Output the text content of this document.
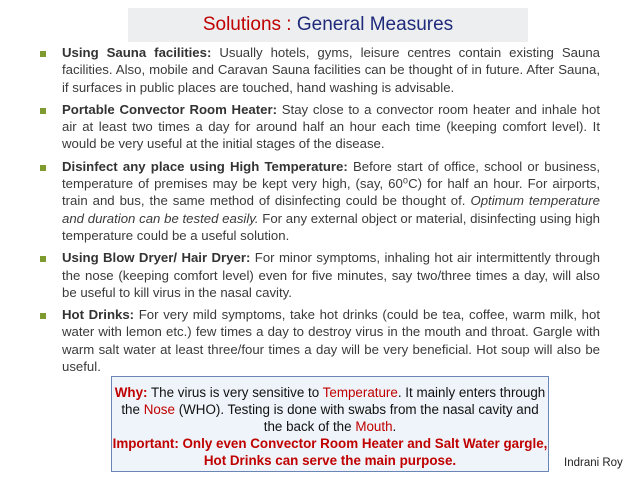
Solutions : General Measures
Using Sauna facilities: Usually hotels, gyms, leisure centres contain existing Sauna facilities. Also, mobile and Caravan Sauna facilities can be thought of in future. After Sauna, if surfaces in public places are touched, hand washing is advisable.
Portable Convector Room Heater: Stay close to a convector room heater and inhale hot air at least two times a day for around half an hour each time (keeping comfort level). It would be very useful at the initial stages of the disease.
Disinfect any place using High Temperature: Before start of office, school or business, temperature of premises may be kept very high, (say, 60⁰C) for half an hour. For airports, train and bus, the same method of disinfecting could be thought of. Optimum temperature and duration can be tested easily. For any external object or material, disinfecting using high temperature could be a useful solution.
Using Blow Dryer/ Hair Dryer: For minor symptoms, inhaling hot air intermittently through the nose (keeping comfort level) even for five minutes, say two/three times a day, will also be useful to kill virus in the nasal cavity.
Hot Drinks: For very mild symptoms, take hot drinks (could be tea, coffee, warm milk, hot water with lemon etc.) few times a day to destroy virus in the mouth and throat. Gargle with warm salt water at least three/four times a day will be very beneficial. Hot soup will also be useful.
Why: The virus is very sensitive to Temperature. It mainly enters through the Nose (WHO). Testing is done with swabs from the nasal cavity and the back of the Mouth.
Important: Only even Convector Room Heater and Salt Water gargle, Hot Drinks can serve the main purpose.	Indrani Roy
